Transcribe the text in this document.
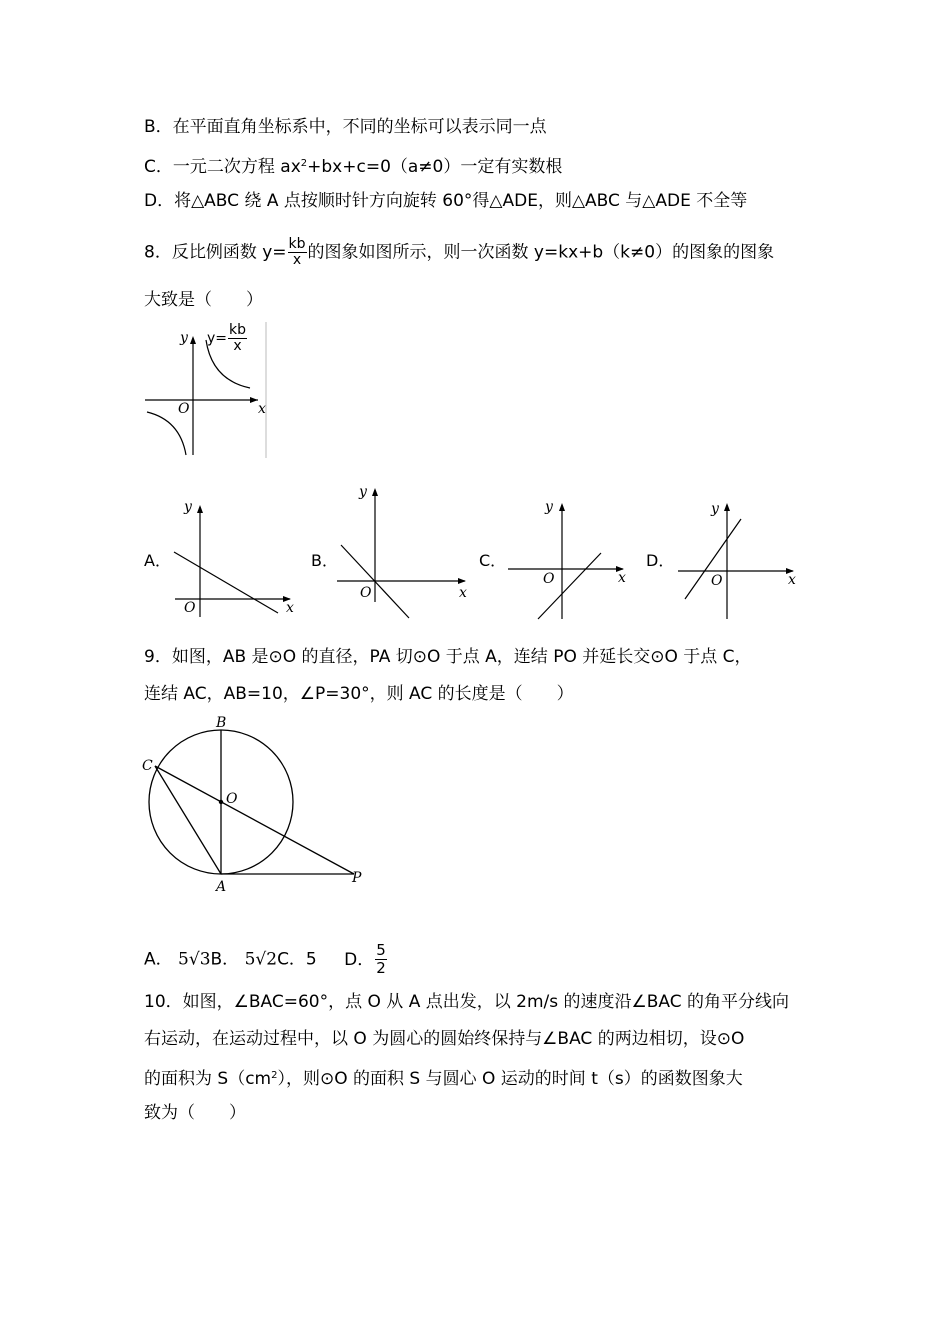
B．在平面直角坐标系中，不同的坐标可以表示同一点
C．一元二次方程 $ax^2+bx+c=0(a\ne 0)$一定有实数根
D．将△ABC 绕 A 点按顺时针方向旋转 60°得△ADE，则△ABC 与△ADE 不全等
8．反比例函数 $y= \frac{kb}{x}$ 的图象如图所示，则一次函数 y=kx+b（k≠0）的图象的图象
大致是（　　）
y
x
O
$y= \frac{kb}{x}$
A．	B．	C．	D．
y
x
O
y
x
O
y
x
O
y
x
O
9．如图，AB 是⊙O 的直径，PA 切⊙O 于点 A，连结 PO 并延长交⊙O 于点 C，
连结 AC，AB=10，∠P=30°，则 AC 的长度是（　　）
B
C
O
A
P
A． 5√3B． 5√2C．5 D． $\frac{5}{2}$
10．如图，∠BAC=60°，点 O 从 A 点出发，以 2m/s 的速度沿∠BAC 的角平分线向
右运动，在运动过程中，以 O 为圆心的圆始终保持与∠BAC 的两边相切，设⊙O
的面积为 $S(cm^2)$，则⊙O 的面积 S 与圆心 O 运动的时间 t（s）的函数图象大
致为（　　）
